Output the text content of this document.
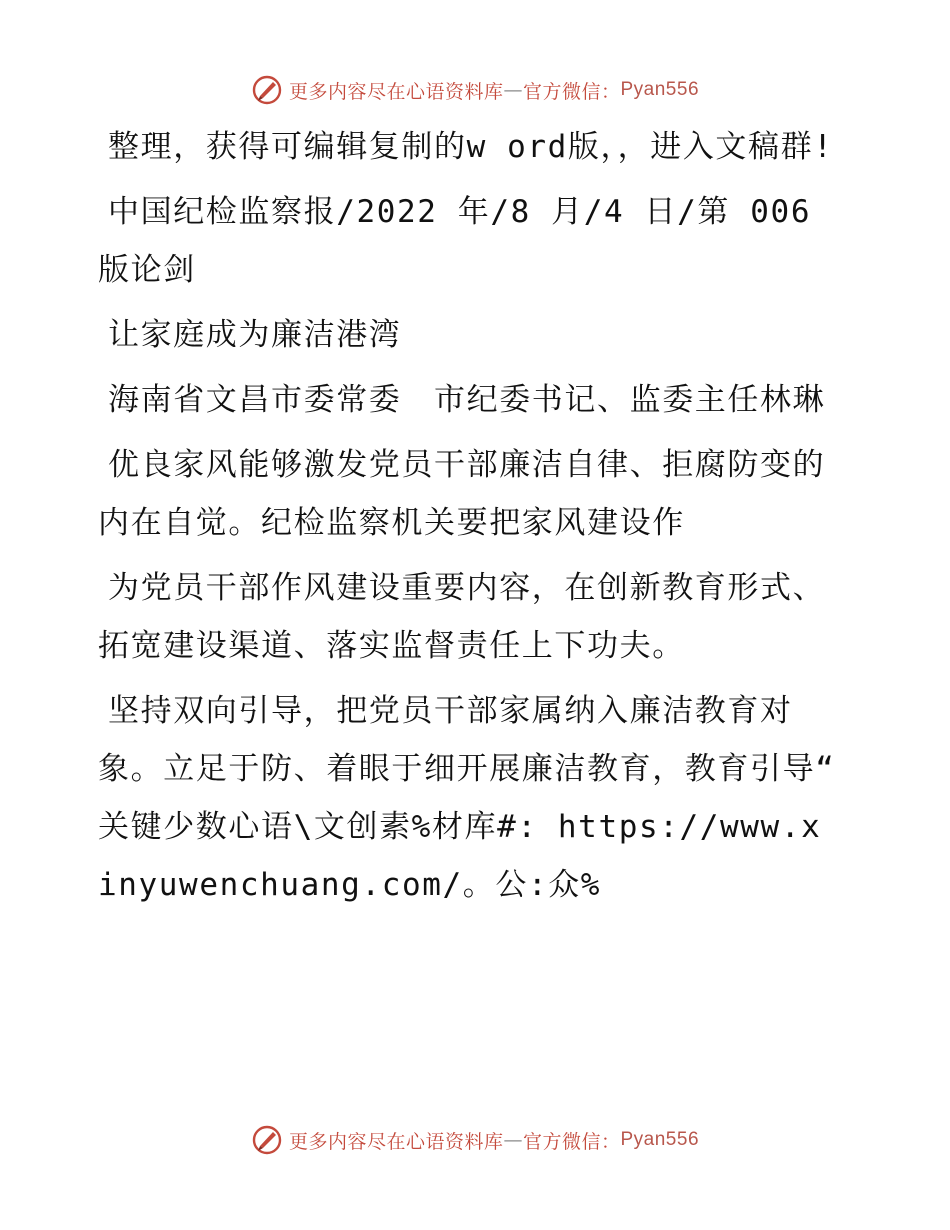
更多内容尽在心语资料库 — 官方微信： Pyan556

整理，获得可编辑复制的w ord版，，进入文稿群!

中国纪检监察报/2022 年/8 月/4 日/第 006 版论剑

让家庭成为廉洁港湾

海南省文昌市委常委　市纪委书记、监委主任林琳

优良家风能够激发党员干部廉洁自律、拒腐防变的内在自觉。纪检监察机关要把家风建设作

为党员干部作风建设重要内容，在创新教育形式、拓宽建设渠道、落实监督责任上下功夫。

坚持双向引导，把党员干部家属纳入廉洁教育对象。立足于防、着眼于细开展廉洁教育，教育引导“ 关键少数心语\文创素%材库#: https://www.xinyuwenchuang.com/。公:众%

更多内容尽在心语资料库 — 官方微信： Pyan556
